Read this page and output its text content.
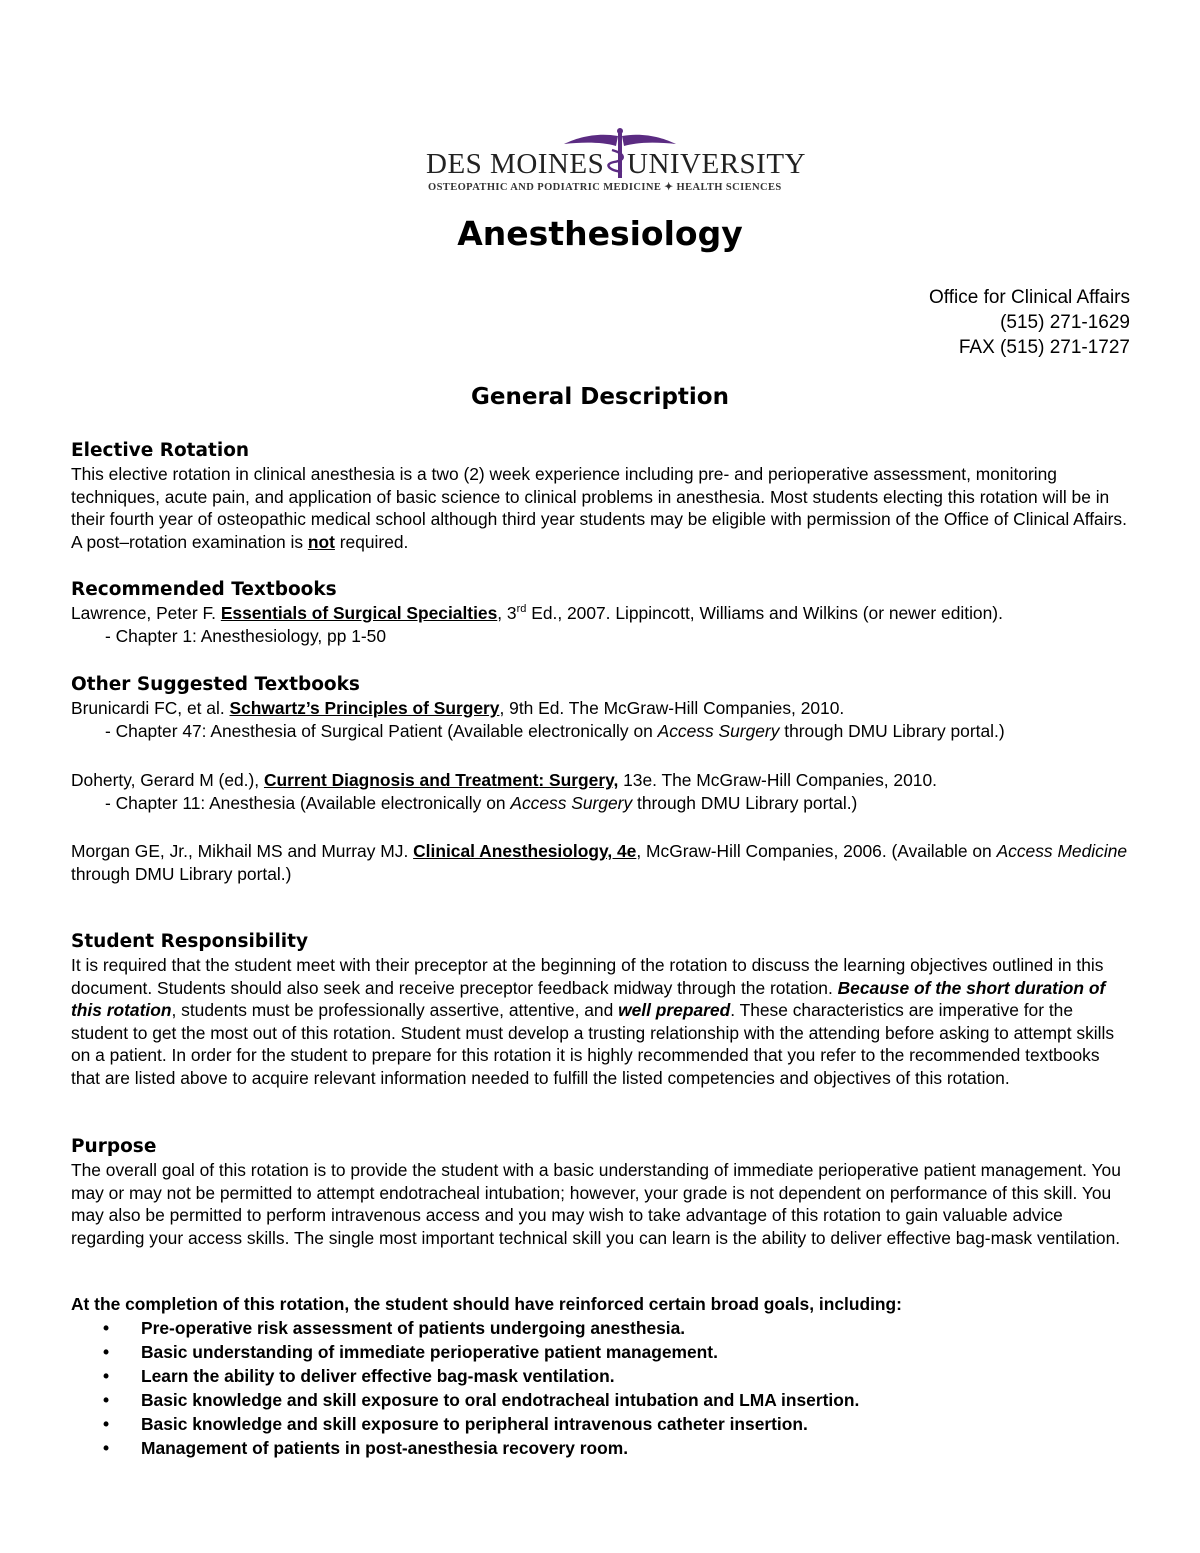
DES MOINES UNIVERSITY
OSTEOPATHIC AND PODIATRIC MEDICINE ✦ HEALTH SCIENCES
Anesthesiology
Office for Clinical Affairs
(515) 271-1629
FAX (515) 271-1727
General Description
Elective Rotation

This elective rotation in clinical anesthesia is a two (2) week experience including pre- and perioperative assessment, monitoring techniques, acute pain, and application of basic science to clinical problems in anesthesia. Most students electing this rotation will be in their fourth year of osteopathic medical school although third year students may be eligible with permission of the Office of Clinical Affairs. A post–rotation examination is not required.

Recommended Textbooks

Lawrence, Peter F. Essentials of Surgical Specialties, 3rd Ed., 2007. Lippincott, Williams and Wilkins (or newer edition).

- Chapter 1: Anesthesiology, pp 1-50

Other Suggested Textbooks

Brunicardi FC, et al. Schwartz’s Principles of Surgery, 9th Ed. The McGraw-Hill Companies, 2010.

- Chapter 47: Anesthesia of Surgical Patient (Available electronically on Access Surgery through DMU Library portal.)

Doherty, Gerard M (ed.), Current Diagnosis and Treatment: Surgery, 13e. The McGraw-Hill Companies, 2010.

- Chapter 11: Anesthesia (Available electronically on Access Surgery through DMU Library portal.)

Morgan GE, Jr., Mikhail MS and Murray MJ. Clinical Anesthesiology, 4e, McGraw-Hill Companies, 2006. (Available on Access Medicine through DMU Library portal.)

Student Responsibility

It is required that the student meet with their preceptor at the beginning of the rotation to discuss the learning objectives outlined in this document. Students should also seek and receive preceptor feedback midway through the rotation. Because of the short duration of this rotation, students must be professionally assertive, attentive, and well prepared. These characteristics are imperative for the student to get the most out of this rotation. Student must develop a trusting relationship with the attending before asking to attempt skills on a patient. In order for the student to prepare for this rotation it is highly recommended that you refer to the recommended textbooks that are listed above to acquire relevant information needed to fulfill the listed competencies and objectives of this rotation.

Purpose

The overall goal of this rotation is to provide the student with a basic understanding of immediate perioperative patient management. You may or may not be permitted to attempt endotracheal intubation; however, your grade is not dependent on performance of this skill. You may also be permitted to perform intravenous access and you may wish to take advantage of this rotation to gain valuable advice regarding your access skills. The single most important technical skill you can learn is the ability to deliver effective bag-mask ventilation.

At the completion of this rotation, the student should have reinforced certain broad goals, including:
• Pre-operative risk assessment of patients undergoing anesthesia.
• Basic understanding of immediate perioperative patient management.
• Learn the ability to deliver effective bag-mask ventilation.
• Basic knowledge and skill exposure to oral endotracheal intubation and LMA insertion.
• Basic knowledge and skill exposure to peripheral intravenous catheter insertion.
• Management of patients in post-anesthesia recovery room.
